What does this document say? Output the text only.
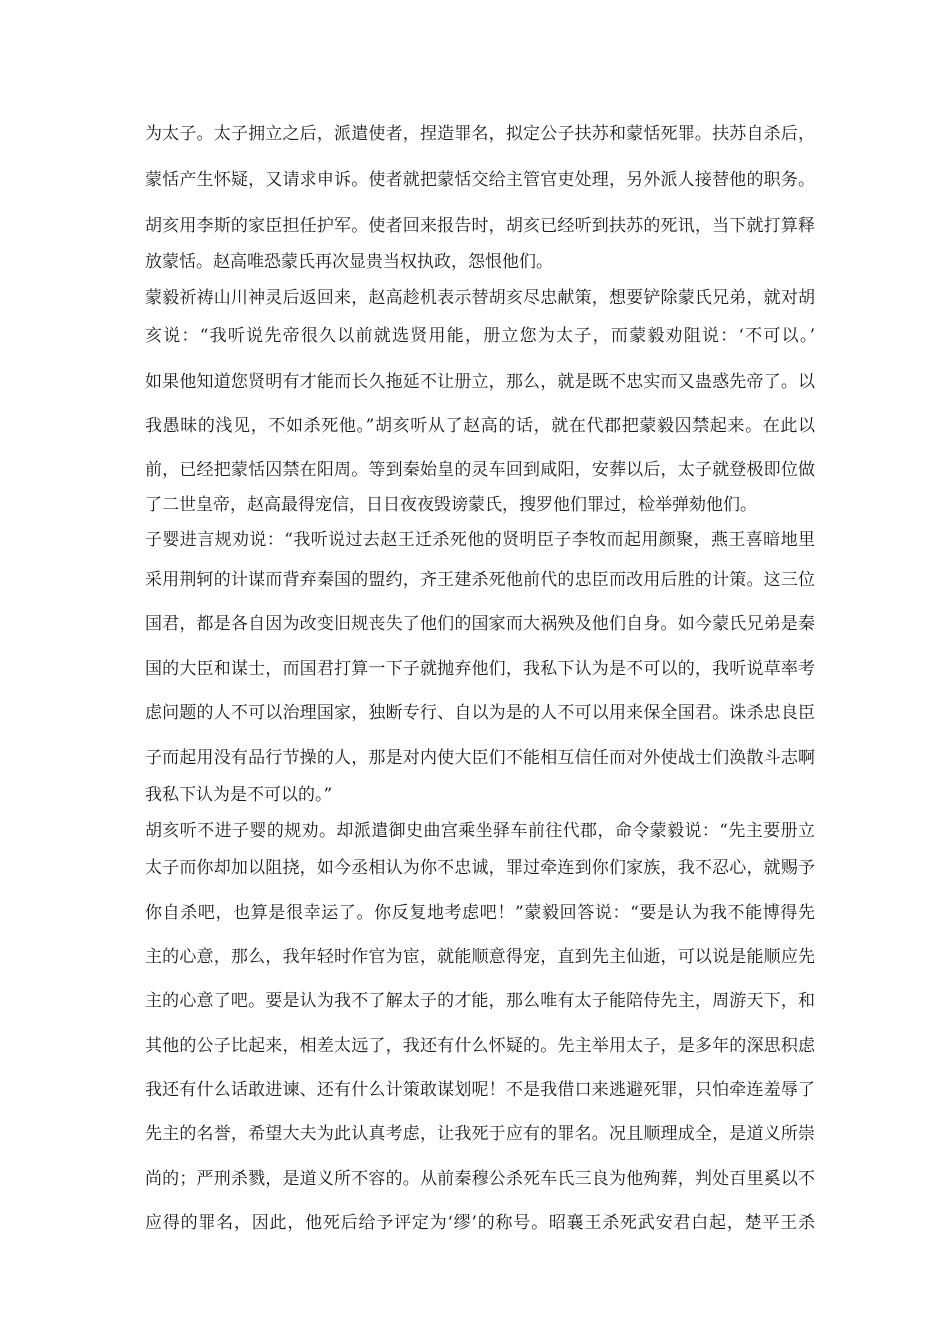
为太子。太子拥立之后，派遣使者，捏造罪名，拟定公子扶苏和蒙恬死罪。扶苏自杀后，
蒙恬产生怀疑，又请求申诉。使者就把蒙恬交给主管官吏处理，另外派人接替他的职务。
胡亥用李斯的家臣担任护军。使者回来报告时，胡亥已经听到扶苏的死讯，当下就打算释
放蒙恬。赵高唯恐蒙氏再次显贵当权执政，怨恨他们。
蒙毅祈祷山川神灵后返回来，赵高趁机表示替胡亥尽忠献策，想要铲除蒙氏兄弟，就对胡
亥说：“我听说先帝很久以前就选贤用能，册立您为太子，而蒙毅劝阻说：‘不可以。’
如果他知道您贤明有才能而长久拖延不让册立，那么，就是既不忠实而又蛊惑先帝了。以
我愚昧的浅见，不如杀死他。”胡亥听从了赵高的话，就在代郡把蒙毅囚禁起来。在此以
前，已经把蒙恬囚禁在阳周。等到秦始皇的灵车回到咸阳，安葬以后，太子就登极即位做
了二世皇帝，赵高最得宠信，日日夜夜毁谤蒙氏，搜罗他们罪过，检举弹劾他们。
子婴进言规劝说：“我听说过去赵王迁杀死他的贤明臣子李牧而起用颜聚，燕王喜暗地里
采用荆轲的计谋而背弃秦国的盟约，齐王建杀死他前代的忠臣而改用后胜的计策。这三位
国君，都是各自因为改变旧规丧失了他们的国家而大祸殃及他们自身。如今蒙氏兄弟是秦
国的大臣和谋士，而国君打算一下子就抛弃他们，我私下认为是不可以的，我听说草率考
虑问题的人不可以治理国家，独断专行、自以为是的人不可以用来保全国君。诛杀忠良臣
子而起用没有品行节操的人，那是对内使大臣们不能相互信任而对外使战士们涣散斗志啊
我私下认为是不可以的。”
胡亥听不进子婴的规劝。却派遣御史曲宫乘坐驿车前往代郡，命令蒙毅说：“先主要册立
太子而你却加以阻挠，如今丞相认为你不忠诚，罪过牵连到你们家族，我不忍心，就赐予
你自杀吧，也算是很幸运了。你反复地考虑吧！”蒙毅回答说：“要是认为我不能博得先
主的心意，那么，我年轻时作官为宦，就能顺意得宠，直到先主仙逝，可以说是能顺应先
主的心意了吧。要是认为我不了解太子的才能，那么唯有太子能陪侍先主，周游天下，和
其他的公子比起来，相差太远了，我还有什么怀疑的。先主举用太子，是多年的深思积虑
我还有什么话敢进谏、还有什么计策敢谋划呢！不是我借口来逃避死罪，只怕牵连羞辱了
先主的名誉，希望大夫为此认真考虑，让我死于应有的罪名。况且顺理成全，是道义所崇
尚的；严刑杀戮，是道义所不容的。从前秦穆公杀死车氏三良为他殉葬，判处百里奚以不
应得的罪名，因此，他死后给予评定为‘缪’的称号。昭襄王杀死武安君白起，楚平王杀
